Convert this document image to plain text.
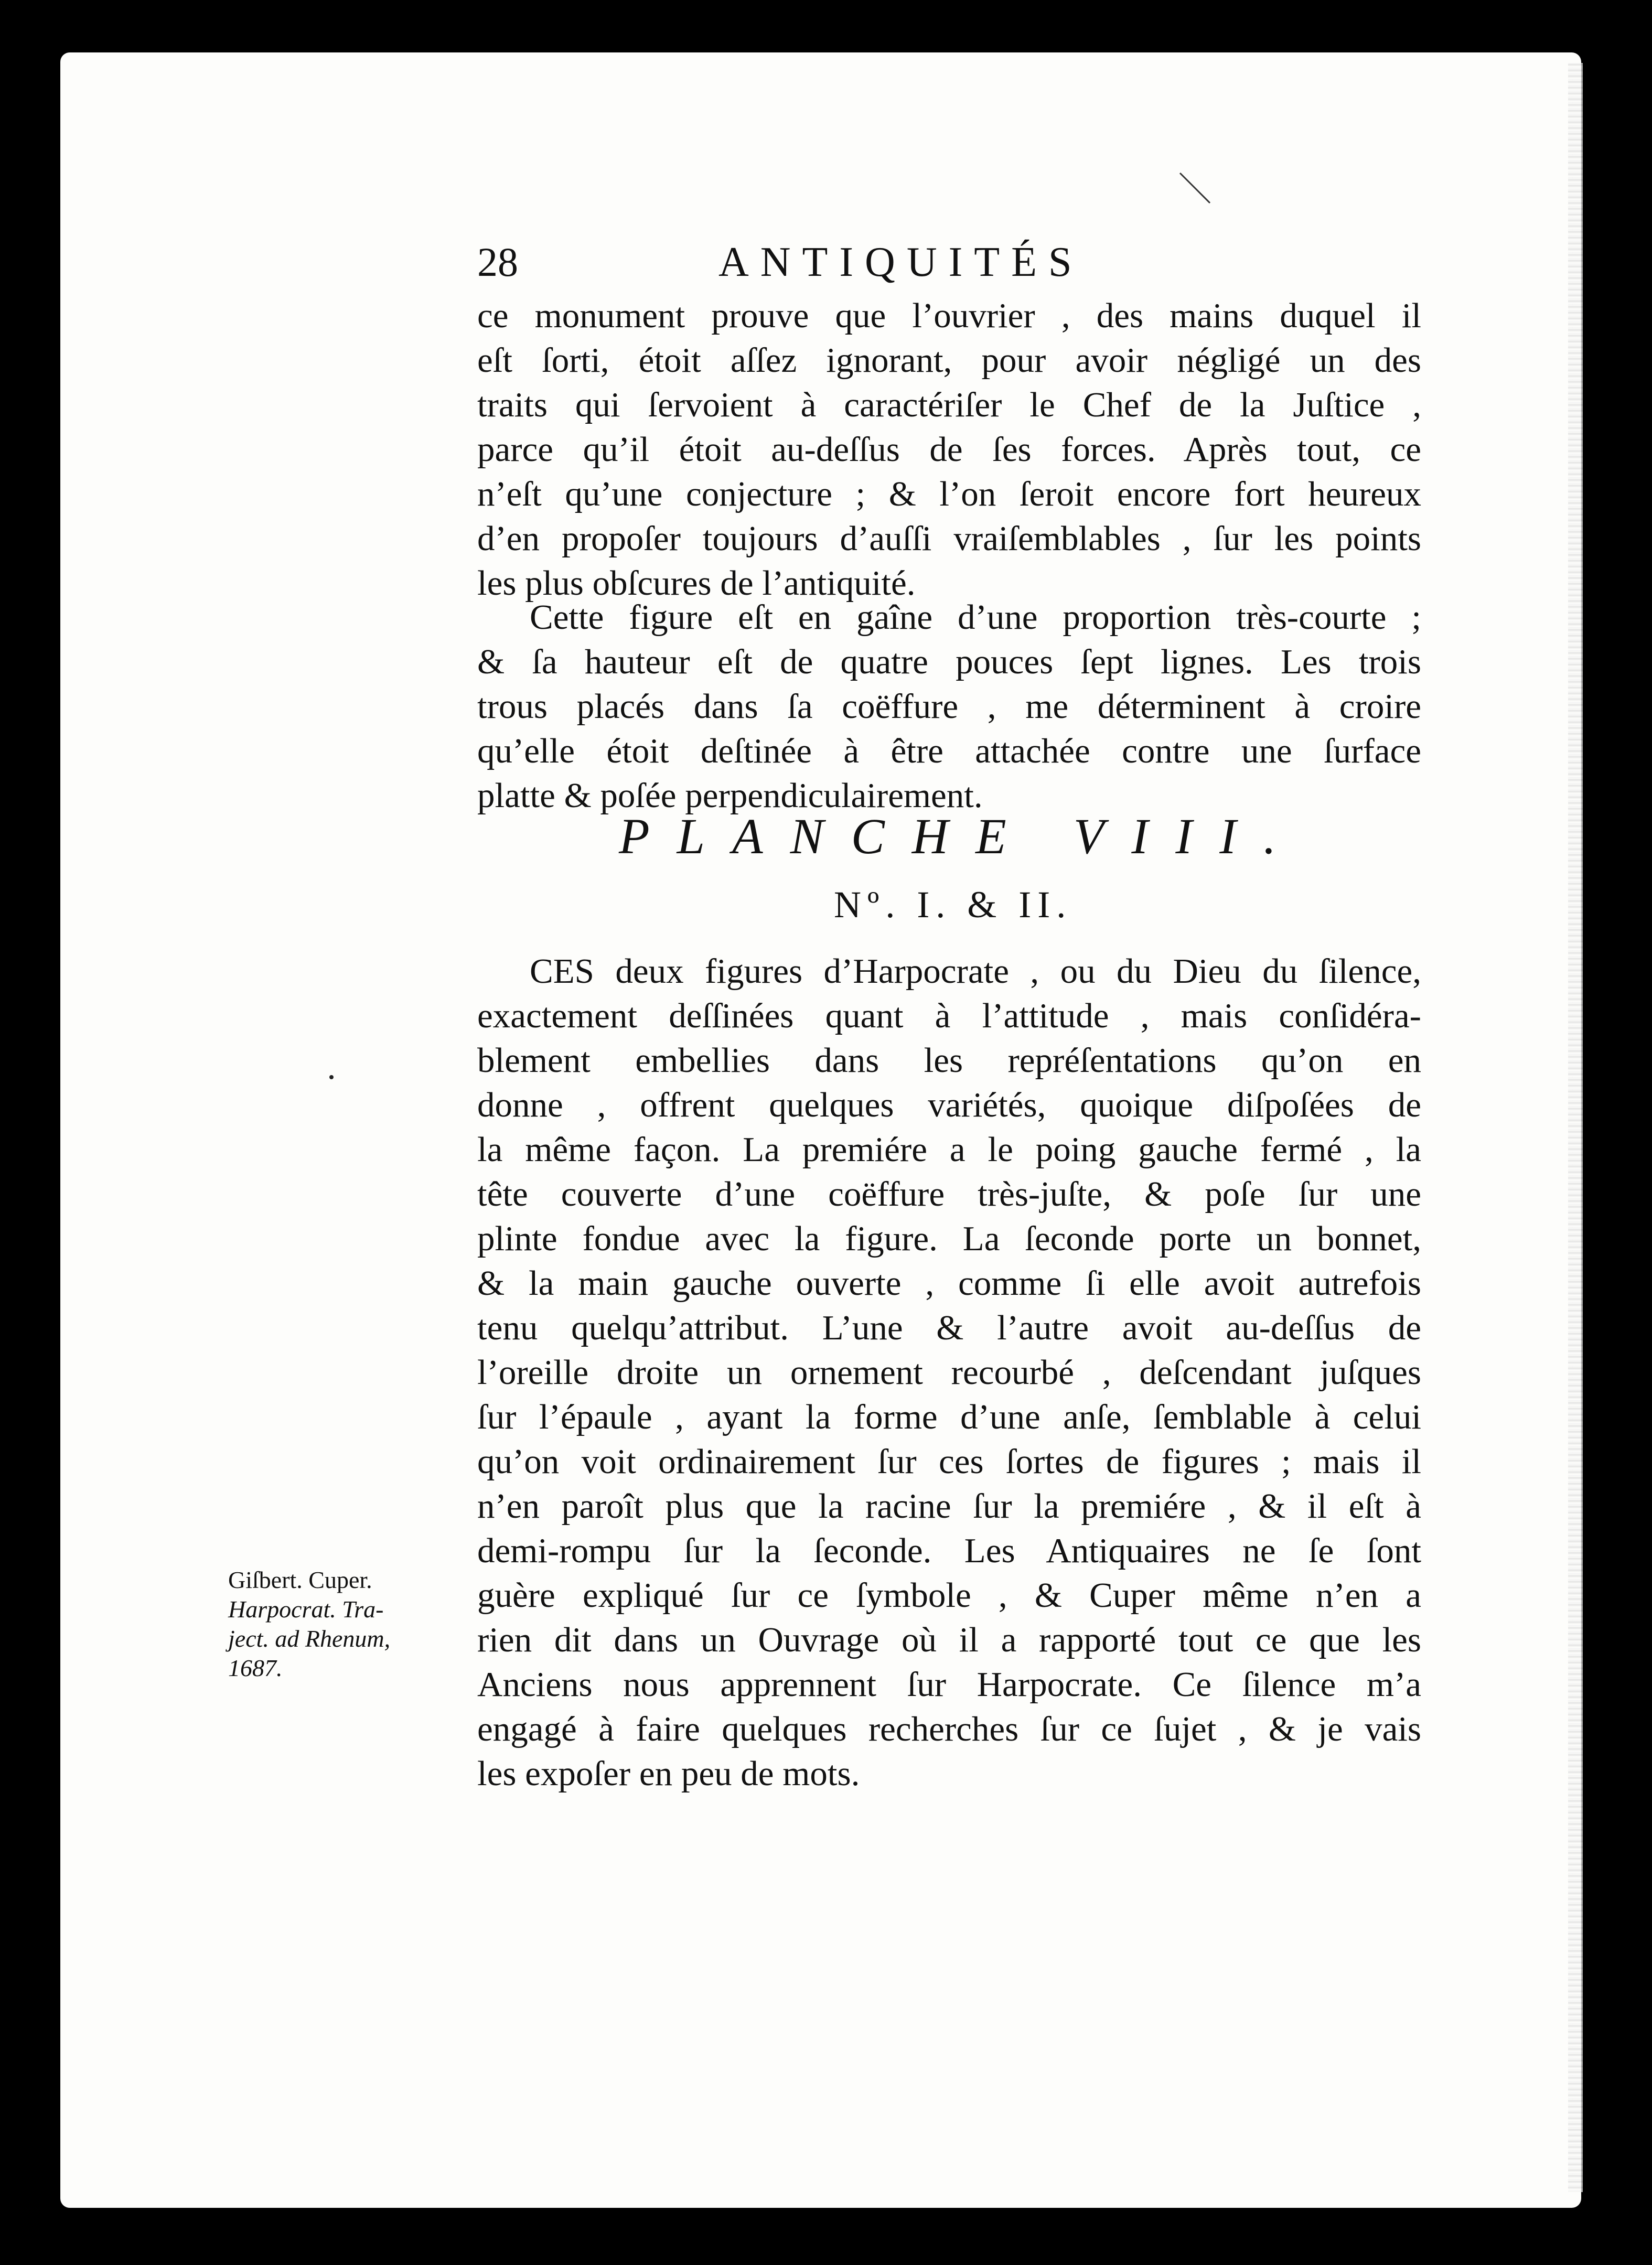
28	ANTIQUITÉS
ce monument prouve que l’ouvrier , des mains duquel il
eſt ſorti, étoit aſſez ignorant, pour avoir négligé un des
traits qui ſervoient à caractériſer le Chef de la Juſtice ,
parce qu’il étoit au-deſſus de ſes forces. Après tout, ce
n’eſt qu’une conjecture ; & l’on ſeroit encore fort heureux
d’en propoſer toujours d’auſſi vraiſemblables , ſur les points
les plus obſcures de l’antiquité.
Cette figure eſt en gaîne d’une proportion très-courte ;
& ſa hauteur eſt de quatre pouces ſept lignes. Les trois
trous placés dans ſa coëffure , me déterminent à croire
qu’elle étoit deſtinée à être attachée contre une ſurface
platte & poſée perpendiculairement.
PLANCHE VIII.
Nº. I. & II.
CES deux figures d’Harpocrate , ou du Dieu du ſilence,
exactement deſſinées quant à l’attitude , mais conſidéra-
blement embellies dans les repréſentations qu’on en
donne , offrent quelques variétés, quoique diſpoſées de
la même façon. La premiére a le poing gauche fermé , la
tête couverte d’une coëffure très-juſte, & poſe ſur une
plinte fondue avec la figure. La ſeconde porte un bonnet,
& la main gauche ouverte , comme ſi elle avoit autrefois
tenu quelqu’attribut. L’une & l’autre avoit au-deſſus de
l’oreille droite un ornement recourbé , deſcendant juſques
ſur l’épaule , ayant la forme d’une anſe, ſemblable à celui
qu’on voit ordinairement ſur ces ſortes de figures ; mais il
n’en paroît plus que la racine ſur la premiére , & il eſt à
demi-rompu ſur la ſeconde. Les Antiquaires ne ſe ſont
guère expliqué ſur ce ſymbole , & Cuper même n’en a
rien dit dans un Ouvrage où il a rapporté tout ce que les
Anciens nous apprennent ſur Harpocrate. Ce ſilence m’a
engagé à faire quelques recherches ſur ce ſujet , & je vais
les expoſer en peu de mots.
Giſbert. Cuper.
Harpocrat. Tra-
ject. ad Rhenum,
1687.
